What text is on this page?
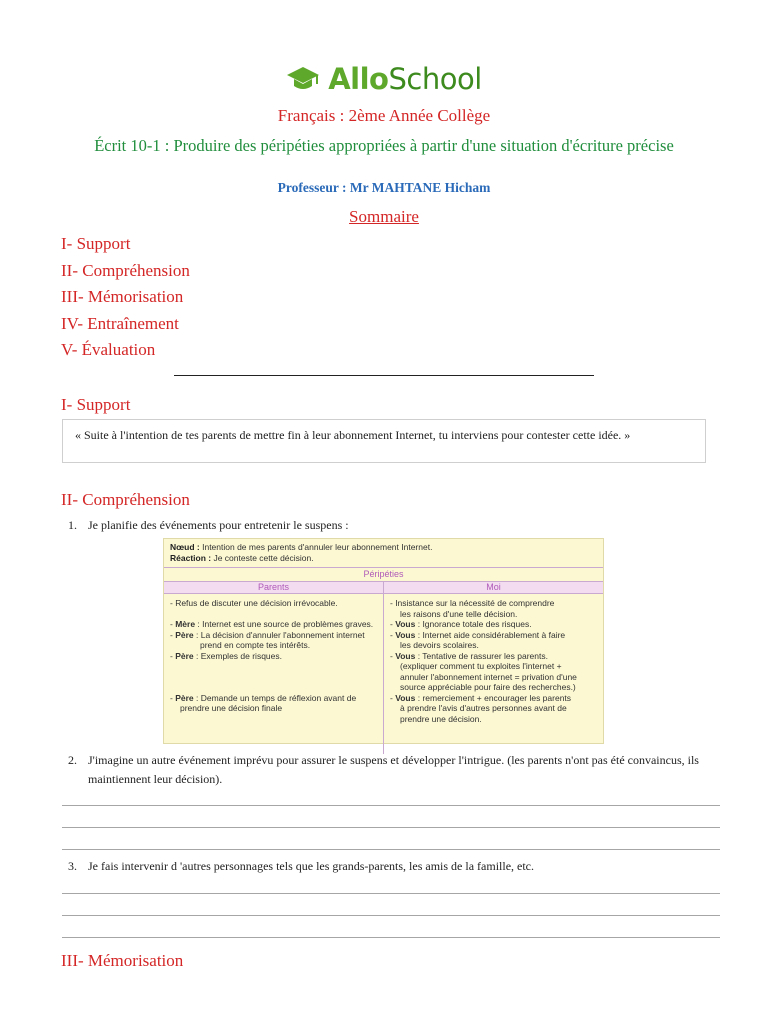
AlloSchool
Français : 2ème Année Collège
Écrit 10-1 : Produire des péripéties appropriées à partir d'une situation d'écriture précise
Professeur : Mr MAHTANE Hicham
Sommaire
I- Support
II- Compréhension
III- Mémorisation
IV- Entraînement
V- Évaluation
I- Support
« Suite à l'intention de tes parents de mettre fin à leur abonnement Internet, tu interviens pour contester cette idée. »
II- Compréhension
1. Je planifie des événements pour entretenir le suspens :
Nœud : Intention de mes parents d'annuler leur abonnement Internet.
Réaction : Je conteste cette décision.
Péripéties
Parents	Moi

- Refus de discuter une décision irrévocable.

- Mère : Internet est une source de problèmes graves.

- Père : La décision d'annuler l'abonnement internet

prend en compte tes intérêts.

- Père : Exemples de risques.

- Père : Demande un temps de réflexion avant de

prendre une décision finale

- Insistance sur la nécessité de comprendre

les raisons d'une telle décision.

- Vous : Ignorance totale des risques.

- Vous : Internet aide considérablement à faire

les devoirs scolaires.

- Vous : Tentative de rassurer les parents.

(expliquer comment tu exploites l'internet +

annuler l'abonnement internet = privation d'une

source appréciable pour faire des recherches.)

- Vous : remerciement + encourager les parents

à prendre l'avis d'autres personnes avant de

prendre une décision.

2. J'imagine un autre événement imprévu pour assurer le suspens et développer l'intrigue. (les parents n'ont pas été convaincus, ils maintiennent leur décision).
3. Je fais intervenir d 'autres personnages tels que les grands-parents, les amis de la famille, etc.
III- Mémorisation
